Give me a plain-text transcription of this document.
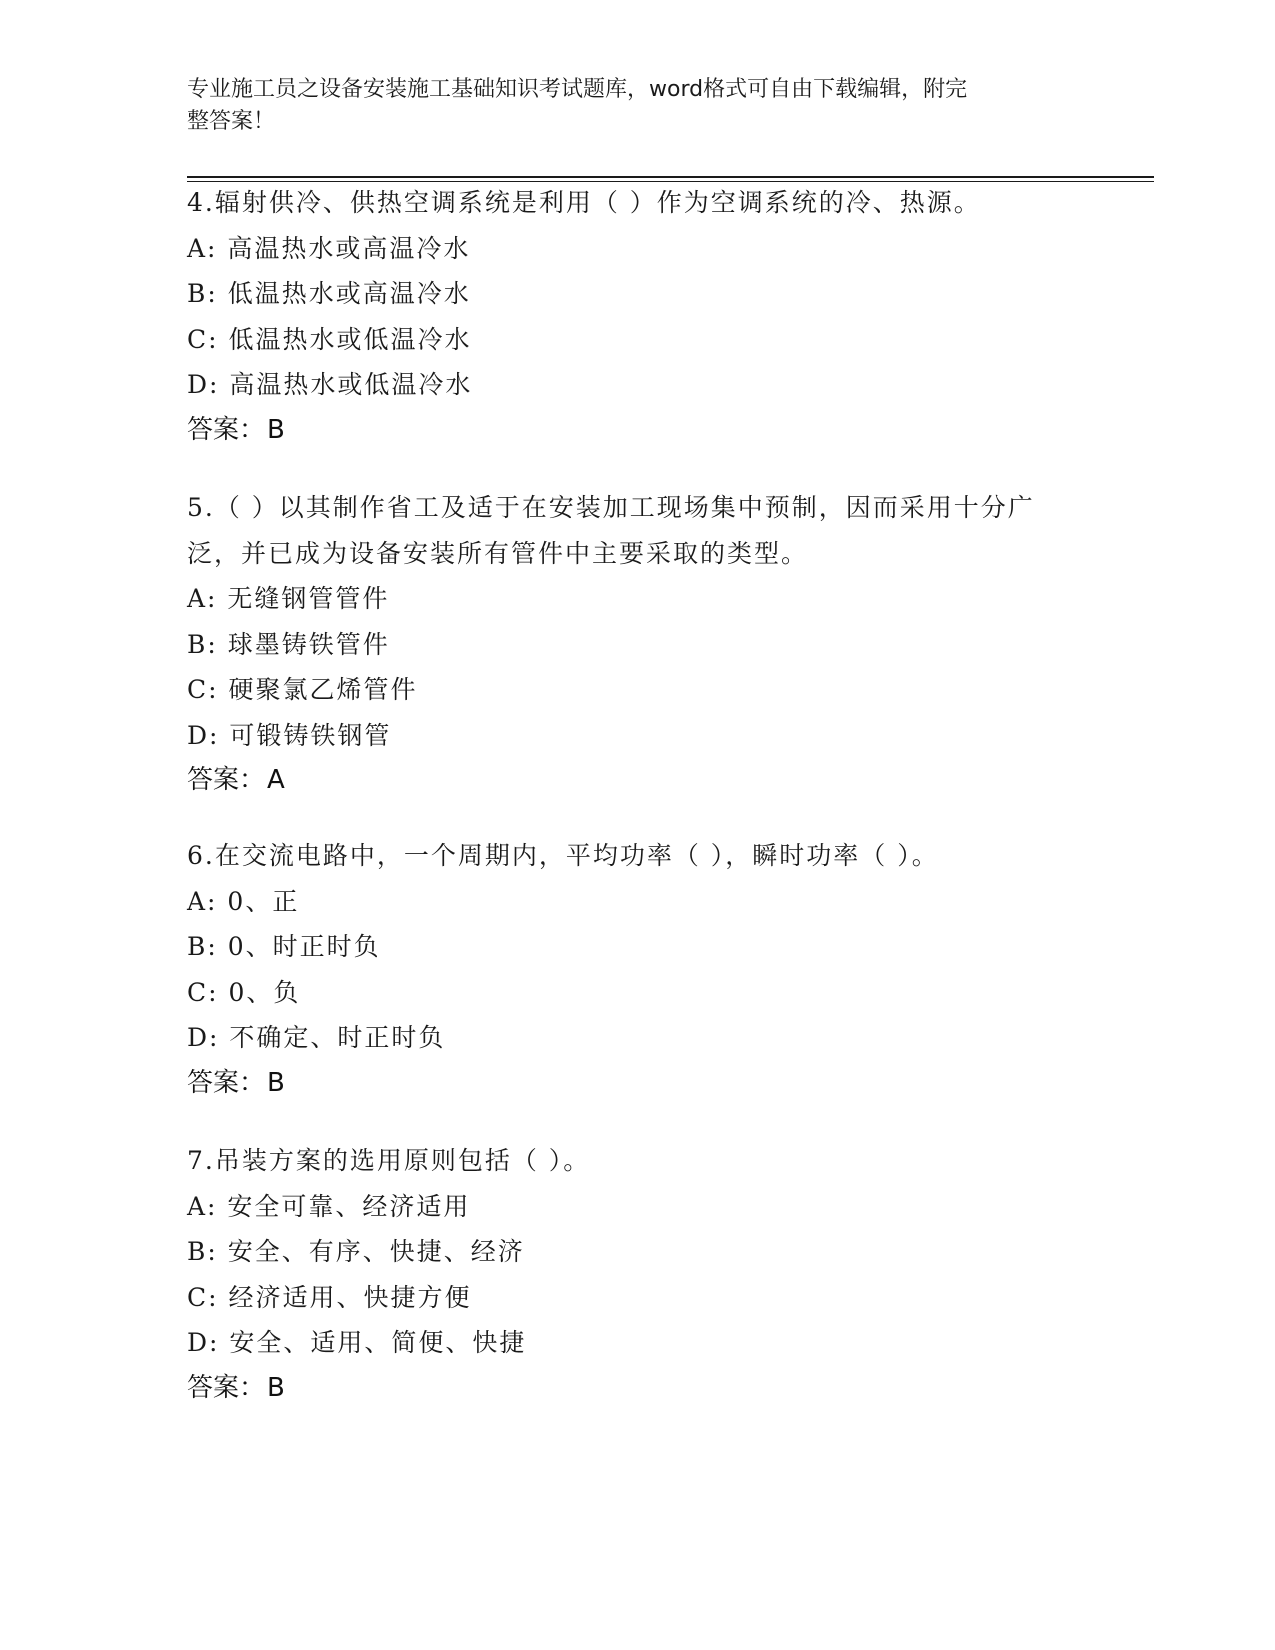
专业施工员之设备安装施工基础知识考试题库，word格式可自由下载编辑，附完
整答案！
4.辐射供冷、供热空调系统是利用（ ）作为空调系统的冷、热源。
A: 高温热水或高温冷水
B: 低温热水或高温冷水
C: 低温热水或低温冷水
D: 高温热水或低温冷水
答案：B
5.（ ）以其制作省工及适于在安装加工现场集中预制，因而采用十分广泛，并已成为设备安装所有管件中主要采取的类型。
A: 无缝钢管管件
B: 球墨铸铁管件
C: 硬聚氯乙烯管件
D: 可锻铸铁钢管
答案：A
6.在交流电路中，一个周期内，平均功率（ ），瞬时功率（ ）。
A: 0、正
B: 0、时正时负
C: 0、负
D: 不确定、时正时负
答案：B
7.吊装方案的选用原则包括（ ）。
A: 安全可靠、经济适用
B: 安全、有序、快捷、经济
C: 经济适用、快捷方便
D: 安全、适用、简便、快捷
答案：B
